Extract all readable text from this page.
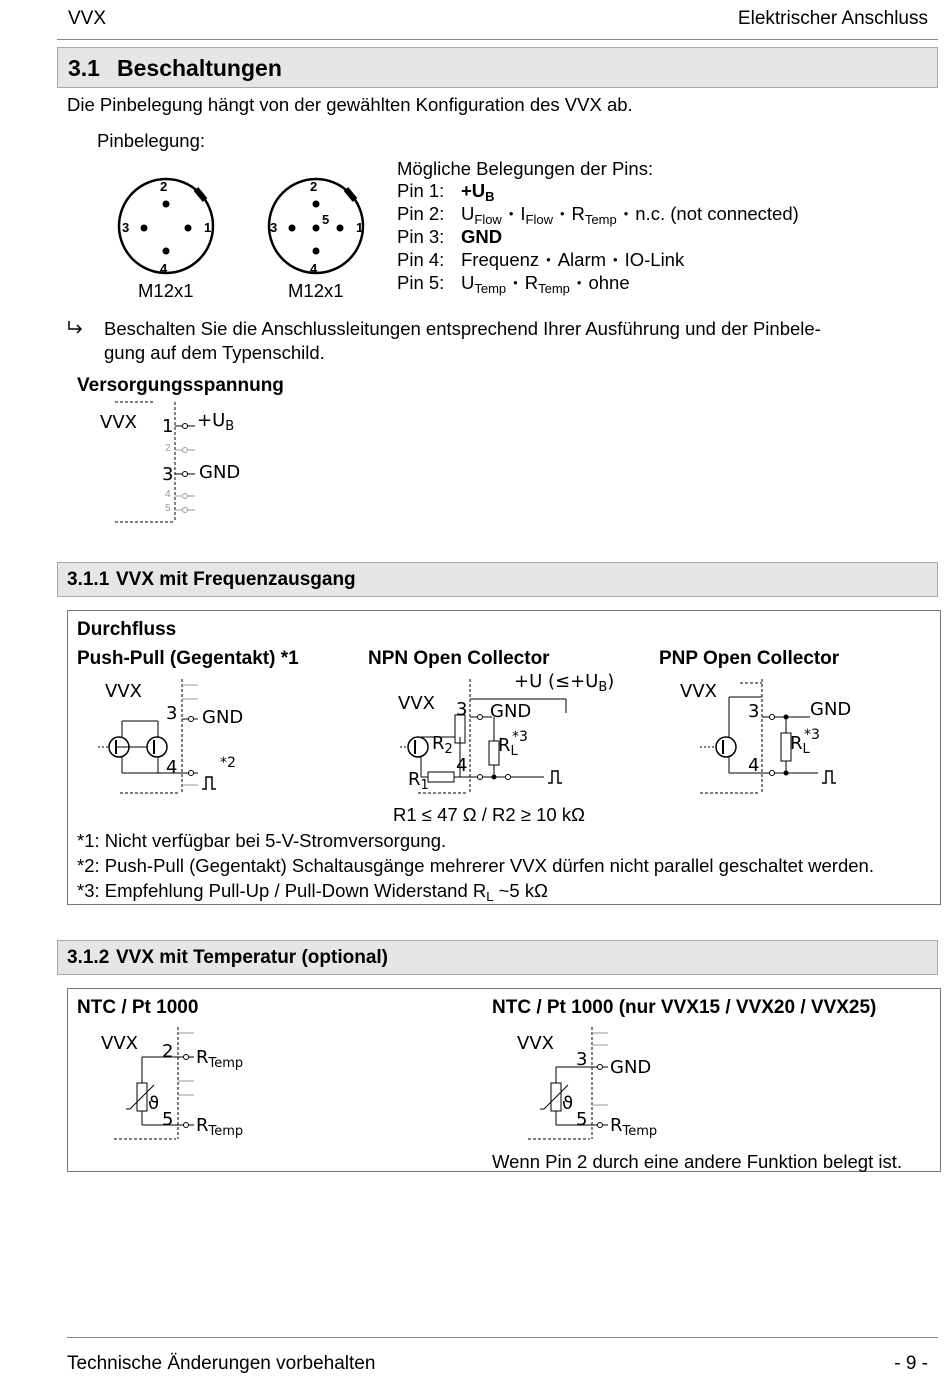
VVX	Elektrischer Anschluss
3.1 Beschaltungen
Die Pinbelegung hängt von der gewählten Konfiguration des VVX ab.
Pinbelegung:
2
3	1
4
M12x1
2
5
3	1
4
M12x1
Mögliche Belegungen der Pins:
Pin 1: $+U_B$
Pin 2: $U_{Flow}$ • $I_{Flow}$ • $R_{Temp}$ • n.c. (not connected)
Pin 3: GND
Pin 4: Frequenz • Alarm • IO-Link
Pin 5: $U_{Temp}$ • $R_{Temp}$ • ohne
Beschalten Sie die Anschlussleitungen entsprechend Ihrer Ausführung und der Pinbele-
gung auf dem Typenschild.
Versorgungsspannung
VVX 1
2
3
4
5
$+U_B$
GND
3.1.1 VVX mit Frequenzausgang
Durchfluss
Push-Pull (Gegentakt) *1	NPN Open Collector	PNP Open Collector
VVX
3 GND
4	*2
VVX 3 GND
+U $(\le+U_B)$
$R_2$	$R_L$
*3
4
$R_1$
VVX
3	GND
$R_L$
*3
4
R1 ≤ 47 Ω / R2 ≥ 10 kΩ
*1: Nicht verfügbar bei 5-V-Stromversorgung.
*2: Push-Pull (Gegentakt) Schaltausgänge mehrerer VVX dürfen nicht parallel geschaltet werden.
*3: Empfehlung Pull-Up / Pull-Down Widerstand $R_L$ ~5 kΩ
3.1.2 VVX mit Temperatur (optional)
NTC / Pt 1000	NTC / Pt 1000 (nur VVX15 / VVX20 / VVX25)
VVX 2 $R_{Temp}$
ϑ
5 $R_{Temp}$
VVX
3 GND
ϑ
5 $R_{Temp}$
Wenn Pin 2 durch eine andere Funktion belegt ist.
Technische Änderungen vorbehalten	- 9 -
